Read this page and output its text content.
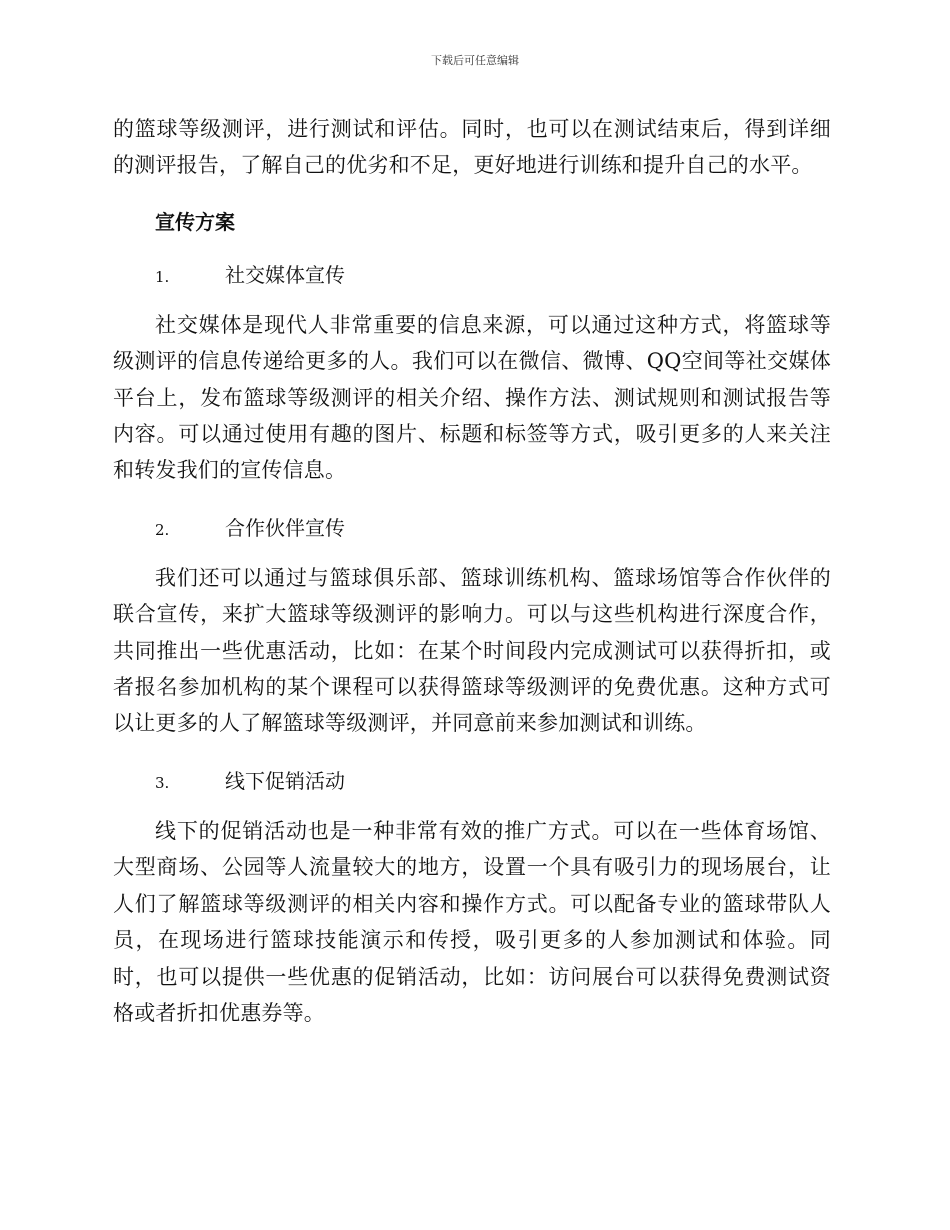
下载后可任意编辑

的篮球等级测评，进行测试和评估。同时，也可以在测试结束后，得到详细的测评报告，了解自己的优劣和不足，更好地进行训练和提升自己的水平。

宣传方案
1.	社交媒体宣传

社交媒体是现代人非常重要的信息来源，可以通过这种方式，将篮球等级测评的信息传递给更多的人。我们可以在微信、微博、QQ空间等社交媒体平台上，发布篮球等级测评的相关介绍、操作方法、测试规则和测试报告等内容。可以通过使用有趣的图片、标题和标签等方式，吸引更多的人来关注和转发我们的宣传信息。

2.	合作伙伴宣传

我们还可以通过与篮球俱乐部、篮球训练机构、篮球场馆等合作伙伴的联合宣传，来扩大篮球等级测评的影响力。可以与这些机构进行深度合作，共同推出一些优惠活动，比如：在某个时间段内完成测试可以获得折扣，或者报名参加机构的某个课程可以获得篮球等级测评的免费优惠。这种方式可以让更多的人了解篮球等级测评，并同意前来参加测试和训练。

3.	线下促销活动

线下的促销活动也是一种非常有效的推广方式。可以在一些体育场馆、大型商场、公园等人流量较大的地方，设置一个具有吸引力的现场展台，让人们了解篮球等级测评的相关内容和操作方式。可以配备专业的篮球带队人员，在现场进行篮球技能演示和传授，吸引更多的人参加测试和体验。同时，也可以提供一些优惠的促销活动，比如：访问展台可以获得免费测试资格或者折扣优惠券等。
